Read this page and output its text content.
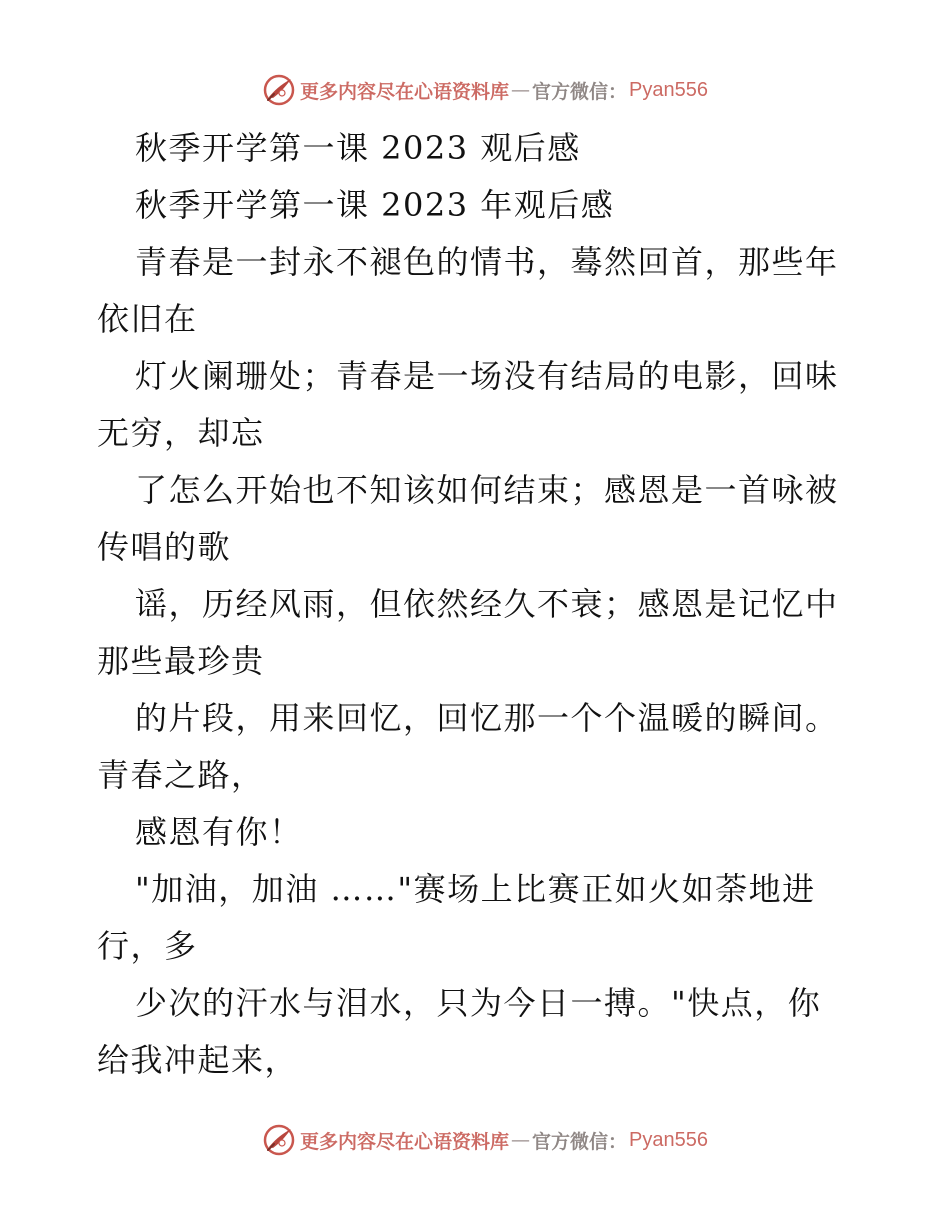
更多内容尽在心语资料库 — 官方微信： Pyan556
秋季开学第一课 2023 观后感
秋季开学第一课 2023 年观后感
青春是一封永不褪色的情书，蓦然回首，那些年
依旧在
灯火阑珊处；青春是一场没有结局的电影，回味
无穷，却忘
了怎么开始也不知该如何结束；感恩是一首咏被
传唱的歌
谣，历经风雨，但依然经久不衰；感恩是记忆中
那些最珍贵
的片段，用来回忆，回忆那一个个温暖的瞬间。
青春之路，
感恩有你！
"加油，加油 ……"赛场上比赛正如火如荼地进
行，多
少次的汗水与泪水，只为今日一搏。"快点，你
给我冲起来，
更多内容尽在心语资料库 — 官方微信： Pyan556
